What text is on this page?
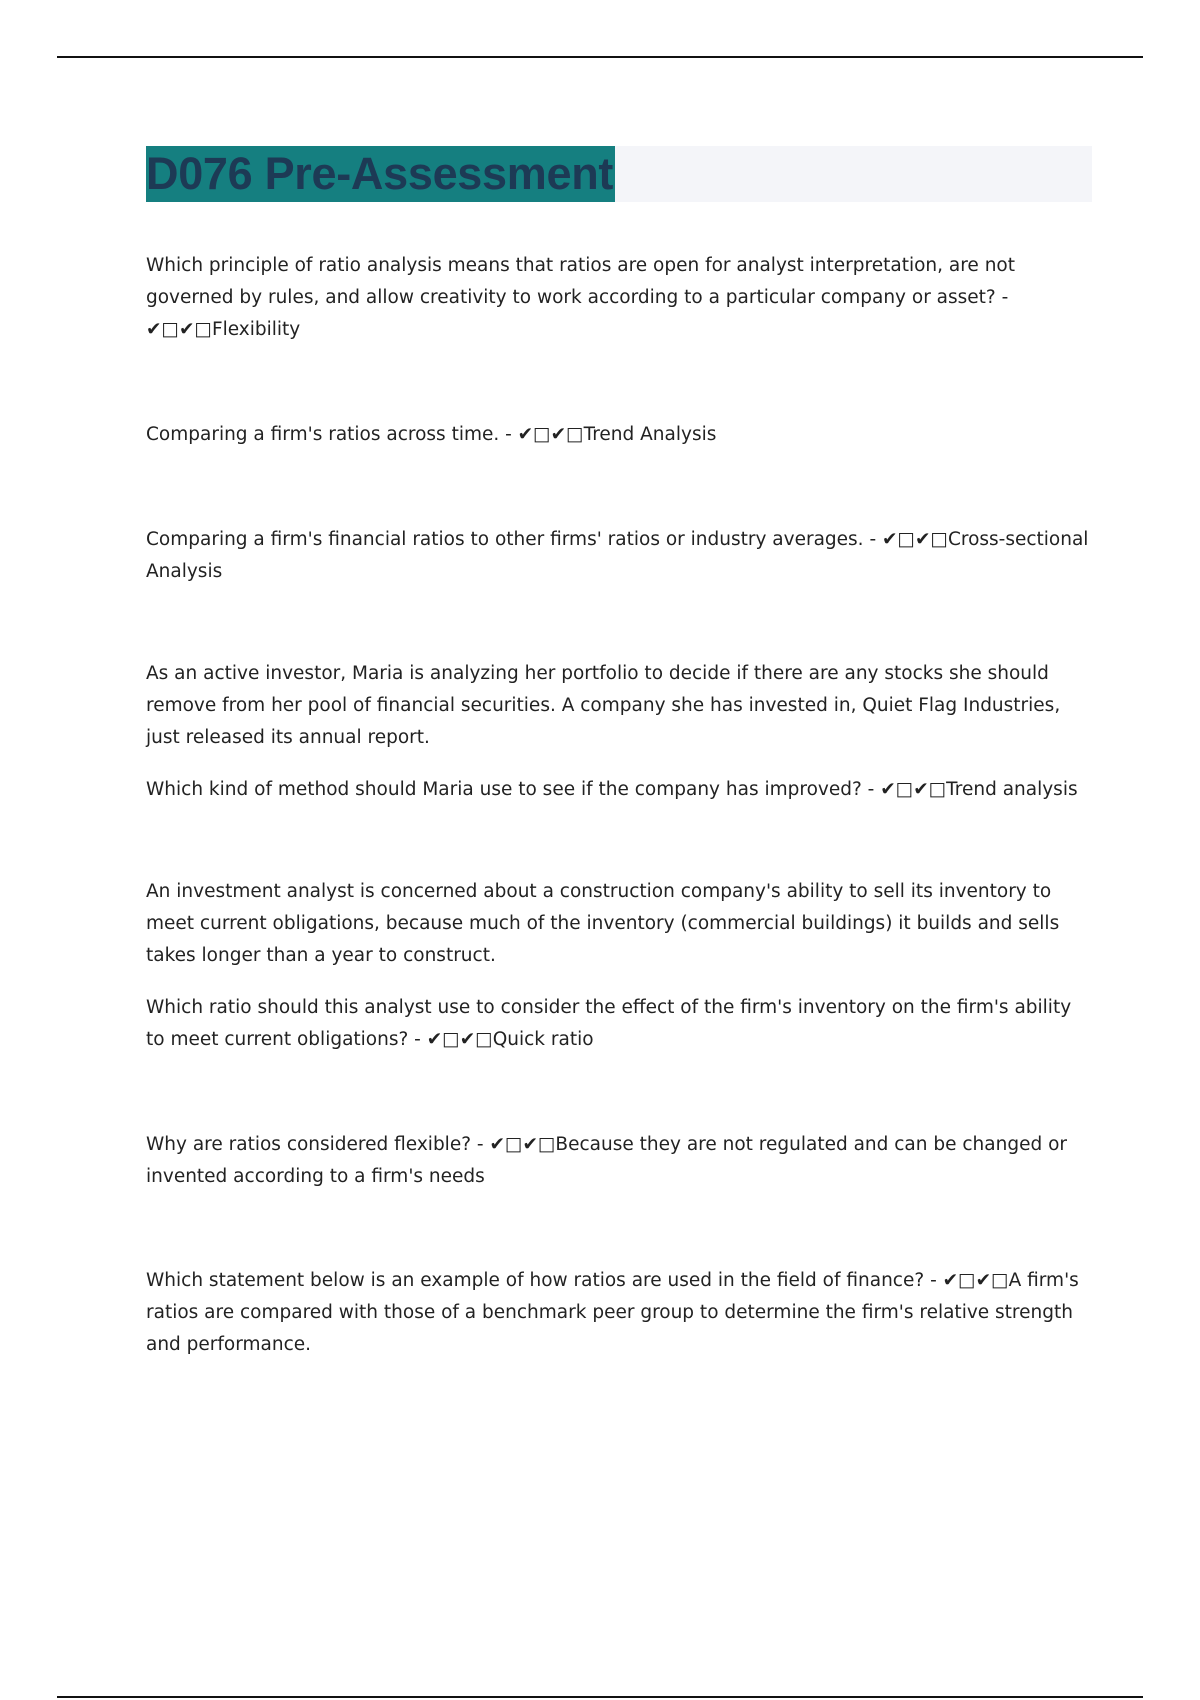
D076 Pre-Assessment

Which principle of ratio analysis means that ratios are open for analyst interpretation, are not governed by rules, and allow creativity to work according to a particular company or asset? - ✔□✔□Flexibility

Comparing a firm's ratios across time. - ✔□✔□Trend Analysis

Comparing a firm's financial ratios to other firms' ratios or industry averages. - ✔□✔□Cross-sectional Analysis

As an active investor, Maria is analyzing her portfolio to decide if there are any stocks she should remove from her pool of financial securities. A company she has invested in, Quiet Flag Industries, just released its annual report.

Which kind of method should Maria use to see if the company has improved? - ✔□✔□Trend analysis

An investment analyst is concerned about a construction company's ability to sell its inventory to meet current obligations, because much of the inventory (commercial buildings) it builds and sells takes longer than a year to construct.

Which ratio should this analyst use to consider the effect of the firm's inventory on the firm's ability to meet current obligations? - ✔□✔□Quick ratio

Why are ratios considered flexible? - ✔□✔□Because they are not regulated and can be changed or invented according to a firm's needs

Which statement below is an example of how ratios are used in the field of finance? - ✔□✔□A firm's ratios are compared with those of a benchmark peer group to determine the firm's relative strength and performance.
